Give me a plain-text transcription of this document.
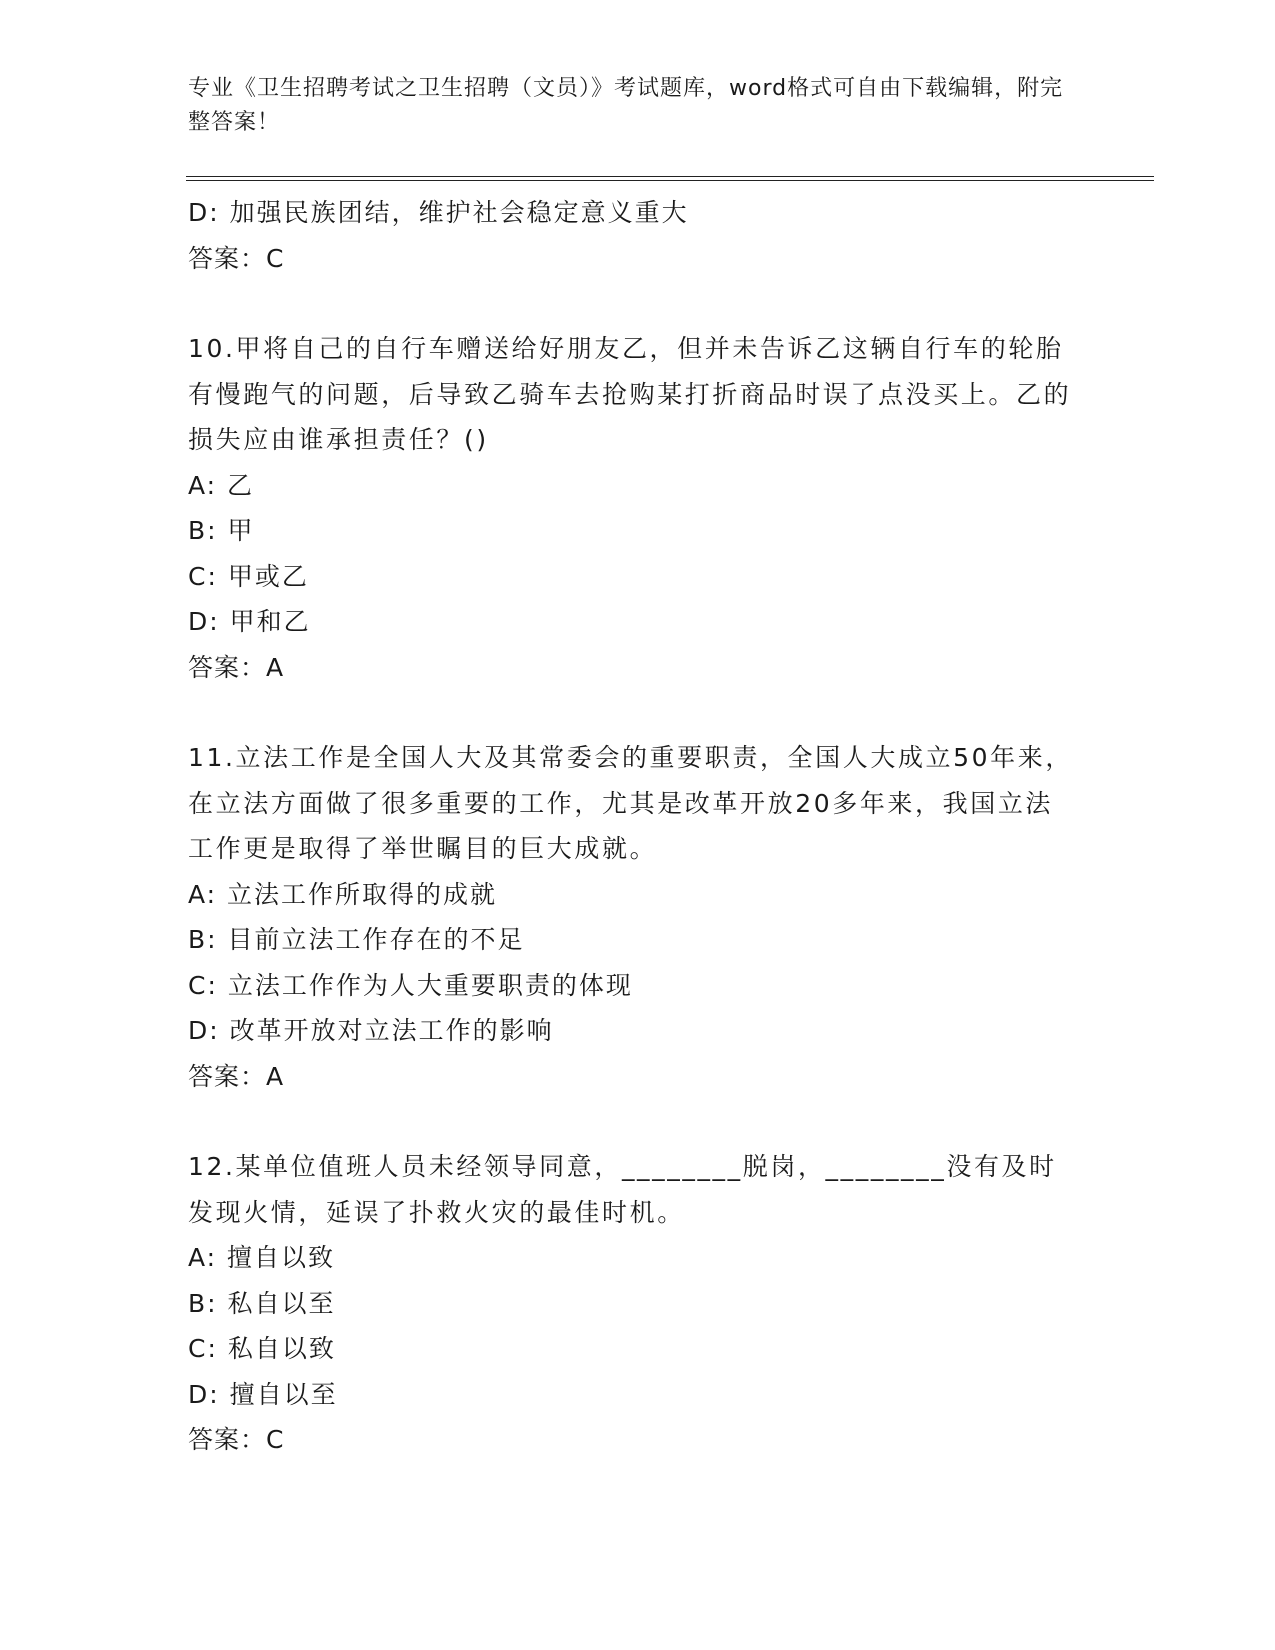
专业《卫生招聘考试之卫生招聘（文员）》考试题库，word格式可自由下载编辑，附完整答案！
D: 加强民族团结，维护社会稳定意义重大
答案：C
10.甲将自己的自行车赠送给好朋友乙，但并未告诉乙这辆自行车的轮胎有慢跑气的问题，后导致乙骑车去抢购某打折商品时误了点没买上。乙的损失应由谁承担责任？()
A: 乙
B: 甲
C: 甲或乙
D: 甲和乙
答案：A
11.立法工作是全国人大及其常委会的重要职责，全国人大成立50年来，在立法方面做了很多重要的工作，尤其是改革开放20多年来，我国立法工作更是取得了举世瞩目的巨大成就。
A: 立法工作所取得的成就
B: 目前立法工作存在的不足
C: 立法工作作为人大重要职责的体现
D: 改革开放对立法工作的影响
答案：A
12.某单位值班人员未经领导同意，________脱岗，________没有及时发现火情，延误了扑救火灾的最佳时机。
A: 擅自以致
B: 私自以至
C: 私自以致
D: 擅自以至
答案：C
